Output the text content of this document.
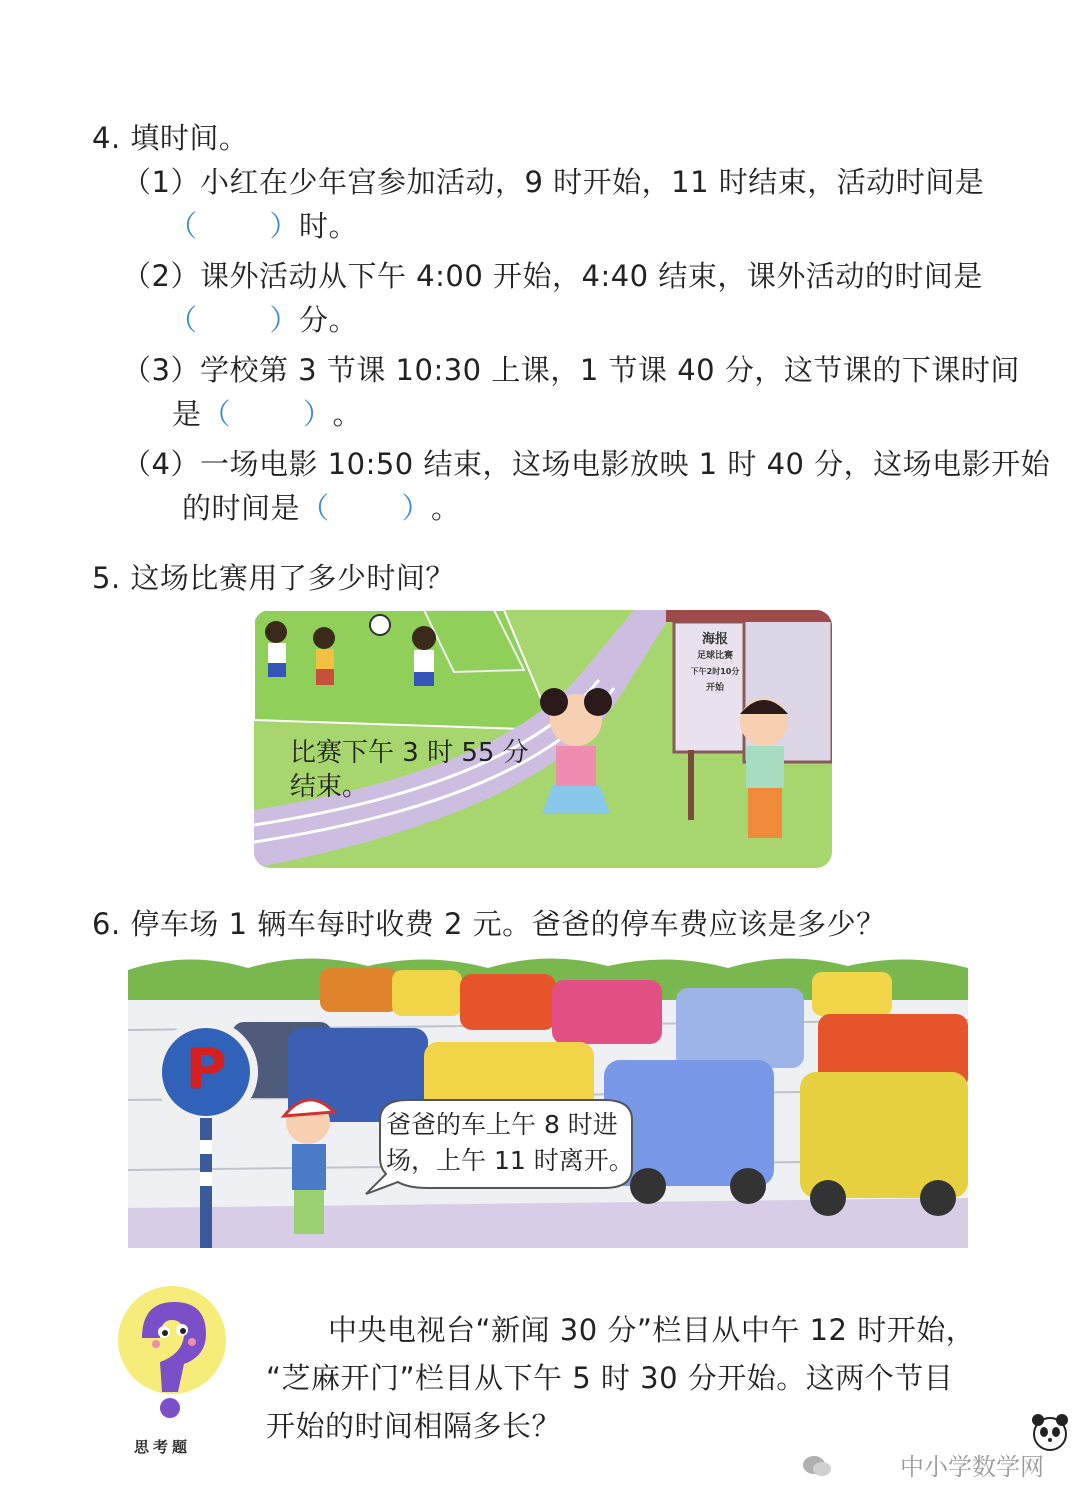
4. 填时间。
（1）小红在少年宫参加活动，9 时开始，11 时结束，活动时间是
（ ）时。
（2）课外活动从下午 4:00 开始，4:40 结束，课外活动的时间是
（ ）分。
（3）学校第 3 节课 10:30 上课，1 节课 40 分，这节课的下课时间
是（ ）。
（4）一场电影 10:50 结束，这场电影放映 1 时 40 分，这场电影开始
的时间是（ ）。
5. 这场比赛用了多少时间？
比赛下午 3 时 55 分
结束。
海报
足球比赛
下午2时10分
开始
6. 停车场 1 辆车每时收费 2 元。爸爸的停车费应该是多少？
P
爸爸的车上午 8 时进
场，上午 11 时离开。
思考题
中央电视台“新闻 30 分”栏目从中午 12 时开始，
“芝麻开门”栏目从下午 5 时 30 分开始。这两个节目
开始的时间相隔多长？
中小学数学网
